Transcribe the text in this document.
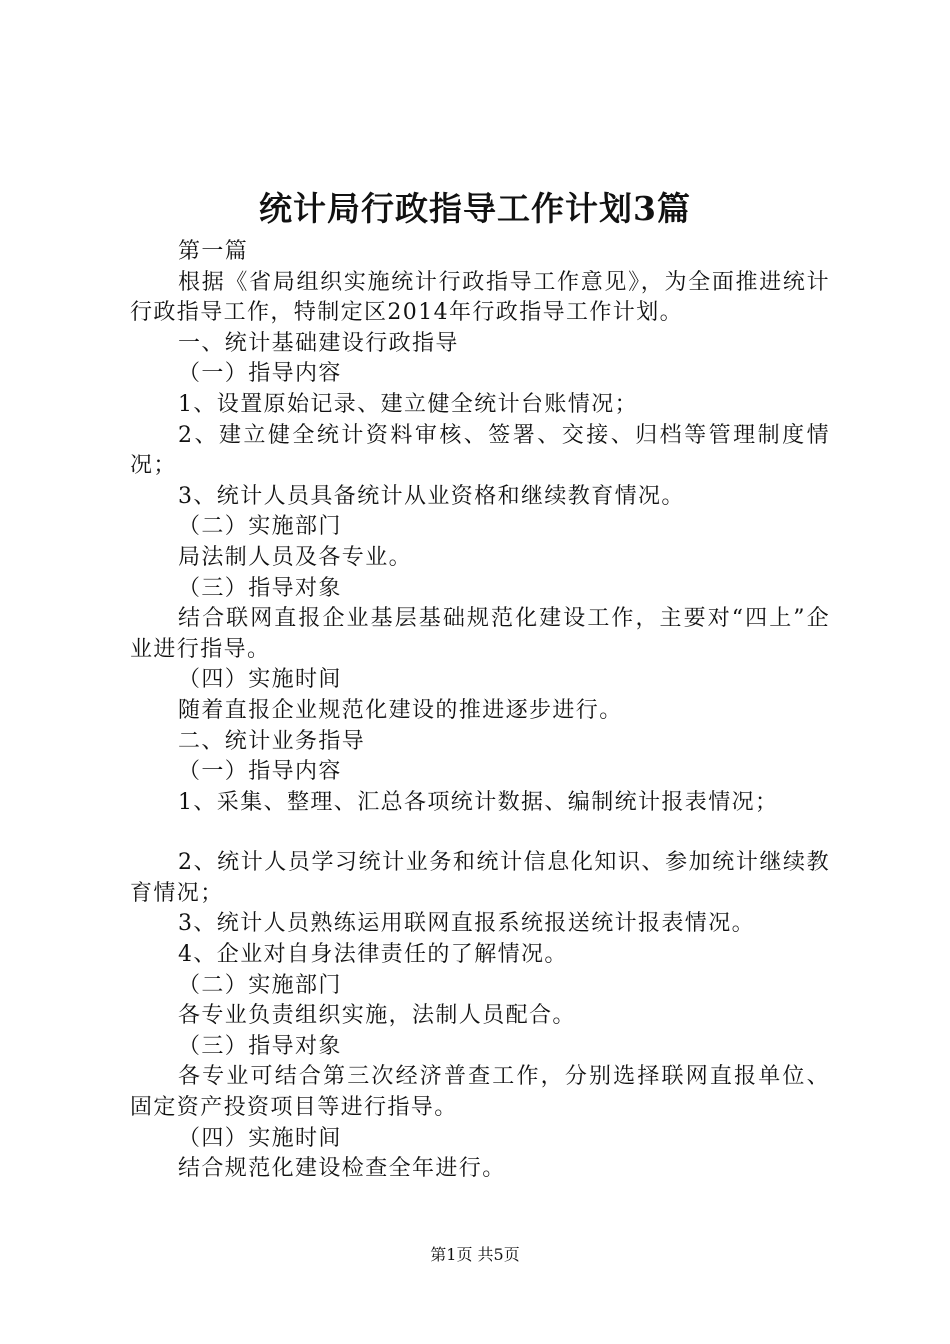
统计局行政指导工作计划3篇

第一篇

根据《省局组织实施统计行政指导工作意见》，为全面推进统计行政指导工作，特制定区2014年行政指导工作计划。

一、统计基础建设行政指导

（一）指导内容

1、设置原始记录、建立健全统计台账情况；

2、建立健全统计资料审核、签署、交接、归档等管理制度情况；

3、统计人员具备统计从业资格和继续教育情况。

（二）实施部门

局法制人员及各专业。

（三）指导对象

结合联网直报企业基层基础规范化建设工作，主要对“四上”企业进行指导。

（四）实施时间

随着直报企业规范化建设的推进逐步进行。

二、统计业务指导

（一）指导内容

1、采集、整理、汇总各项统计数据、编制统计报表情况；

2、统计人员学习统计业务和统计信息化知识、参加统计继续教育情况；

3、统计人员熟练运用联网直报系统报送统计报表情况。

4、企业对自身法律责任的了解情况。

（二）实施部门

各专业负责组织实施，法制人员配合。

（三）指导对象

各专业可结合第三次经济普查工作，分别选择联网直报单位、固定资产投资项目等进行指导。

（四）实施时间

结合规范化建设检查全年进行。

第1页 共5页
